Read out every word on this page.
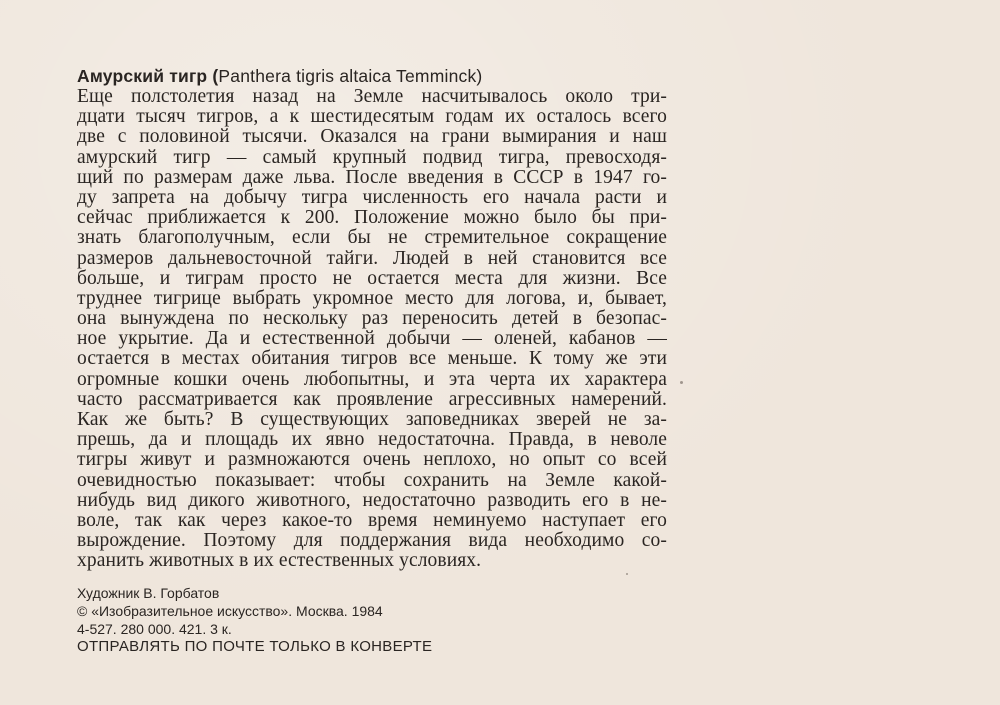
Амурский тигр (Panthera tigris altaica Temminck)

Еще полстолетия назад на Земле насчитывалось около три-
дцати тысяч тигров, а к шестидесятым годам их осталось всего
две с половиной тысячи. Оказался на грани вымирания и наш
амурский тигр — самый крупный подвид тигра, превосходя-
щий по размерам даже льва. После введения в СССР в 1947 го-
ду запрета на добычу тигра численность его начала расти и
сейчас приближается к 200. Положение можно было бы при-
знать благополучным, если бы не стремительное сокращение
размеров дальневосточной тайги. Людей в ней становится все
больше, и тиграм просто не остается места для жизни. Все
труднее тигрице выбрать укромное место для логова, и, бывает,
она вынуждена по нескольку раз переносить детей в безопас-
ное укрытие. Да и естественной добычи — оленей, кабанов —
остается в местах обитания тигров все меньше. К тому же эти
огромные кошки очень любопытны, и эта черта их характера
часто рассматривается как проявление агрессивных намерений.
Как же быть? В существующих заповедниках зверей не за-
прешь, да и площадь их явно недостаточна. Правда, в неволе
тигры живут и размножаются очень неплохо, но опыт со всей
очевидностью показывает: чтобы сохранить на Земле какой-
нибудь вид дикого животного, недостаточно разводить его в не-
воле, так как через какое-то время неминуемо наступает его
вырождение. Поэтому для поддержания вида необходимо со-
хранить животных в их естественных условиях.
Художник В. Горбатов
© «Изобразительное искусство». Москва. 1984
4-527. 280 000. 421. 3 к.
ОТПРАВЛЯТЬ ПО ПОЧТЕ ТОЛЬКО В КОНВЕРТЕ
